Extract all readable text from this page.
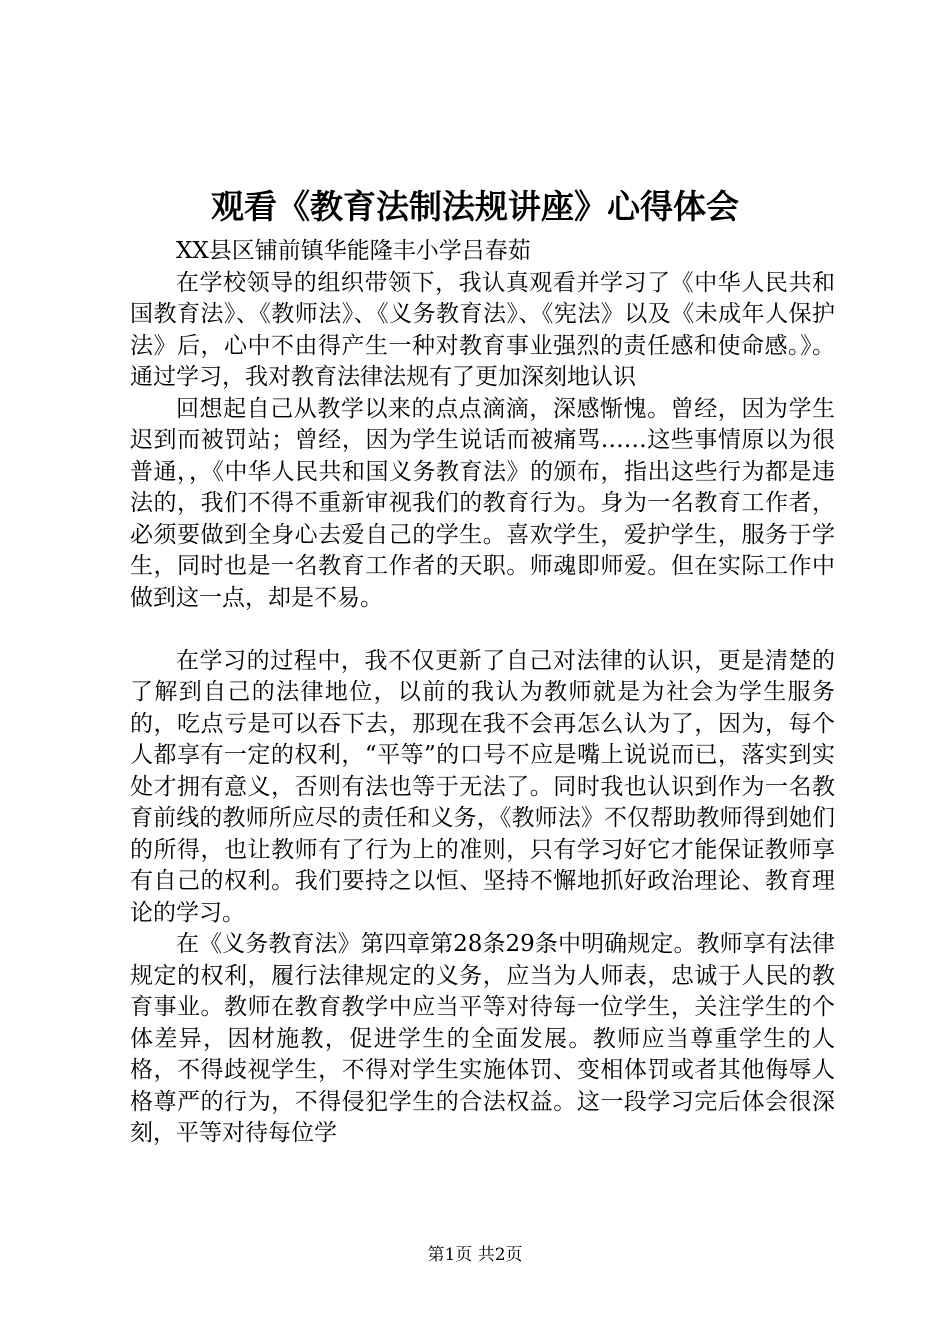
观看《教育法制法规讲座》心得体会

XX县区铺前镇华能隆丰小学吕春茹

在学校领导的组织带领下，我认真观看并学习了《中华人民共和国教育法》、《教师法》、《义务教育法》、《宪法》以及《未成年人保护法》后，心中不由得产生一种对教育事业强烈的责任感和使命感。》。通过学习，我对教育法律法规有了更加深刻地认识

回想起自己从教学以来的点点滴滴，深感惭愧。曾经，因为学生迟到而被罚站；曾经，因为学生说话而被痛骂……这些事情原以为很普通，，《中华人民共和国义务教育法》的颁布，指出这些行为都是违法的，我们不得不重新审视我们的教育行为。身为一名教育工作者，必须要做到全身心去爱自己的学生。喜欢学生，爱护学生，服务于学生，同时也是一名教育工作者的天职。师魂即师爱。但在实际工作中做到这一点，却是不易。

在学习的过程中，我不仅更新了自己对法律的认识，更是清楚的了解到自己的法律地位，以前的我认为教师就是为社会为学生服务的，吃点亏是可以吞下去，那现在我不会再怎么认为了，因为，每个人都享有一定的权利，“平等”的口号不应是嘴上说说而已，落实到实处才拥有意义，否则有法也等于无法了。同时我也认识到作为一名教育前线的教师所应尽的责任和义务，《教师法》不仅帮助教师得到她们的所得，也让教师有了行为上的准则，只有学习好它才能保证教师享有自己的权利。我们要持之以恒、坚持不懈地抓好政治理论、教育理论的学习。

在《义务教育法》第四章第28条29条中明确规定。教师享有法律规定的权利，履行法律规定的义务，应当为人师表，忠诚于人民的教育事业。教师在教育教学中应当平等对待每一位学生，关注学生的个体差异，因材施教，促进学生的全面发展。教师应当尊重学生的人格，不得歧视学生，不得对学生实施体罚、变相体罚或者其他侮辱人格尊严的行为，不得侵犯学生的合法权益。这一段学习完后体会很深刻，平等对待每位学

第1页 共2页
